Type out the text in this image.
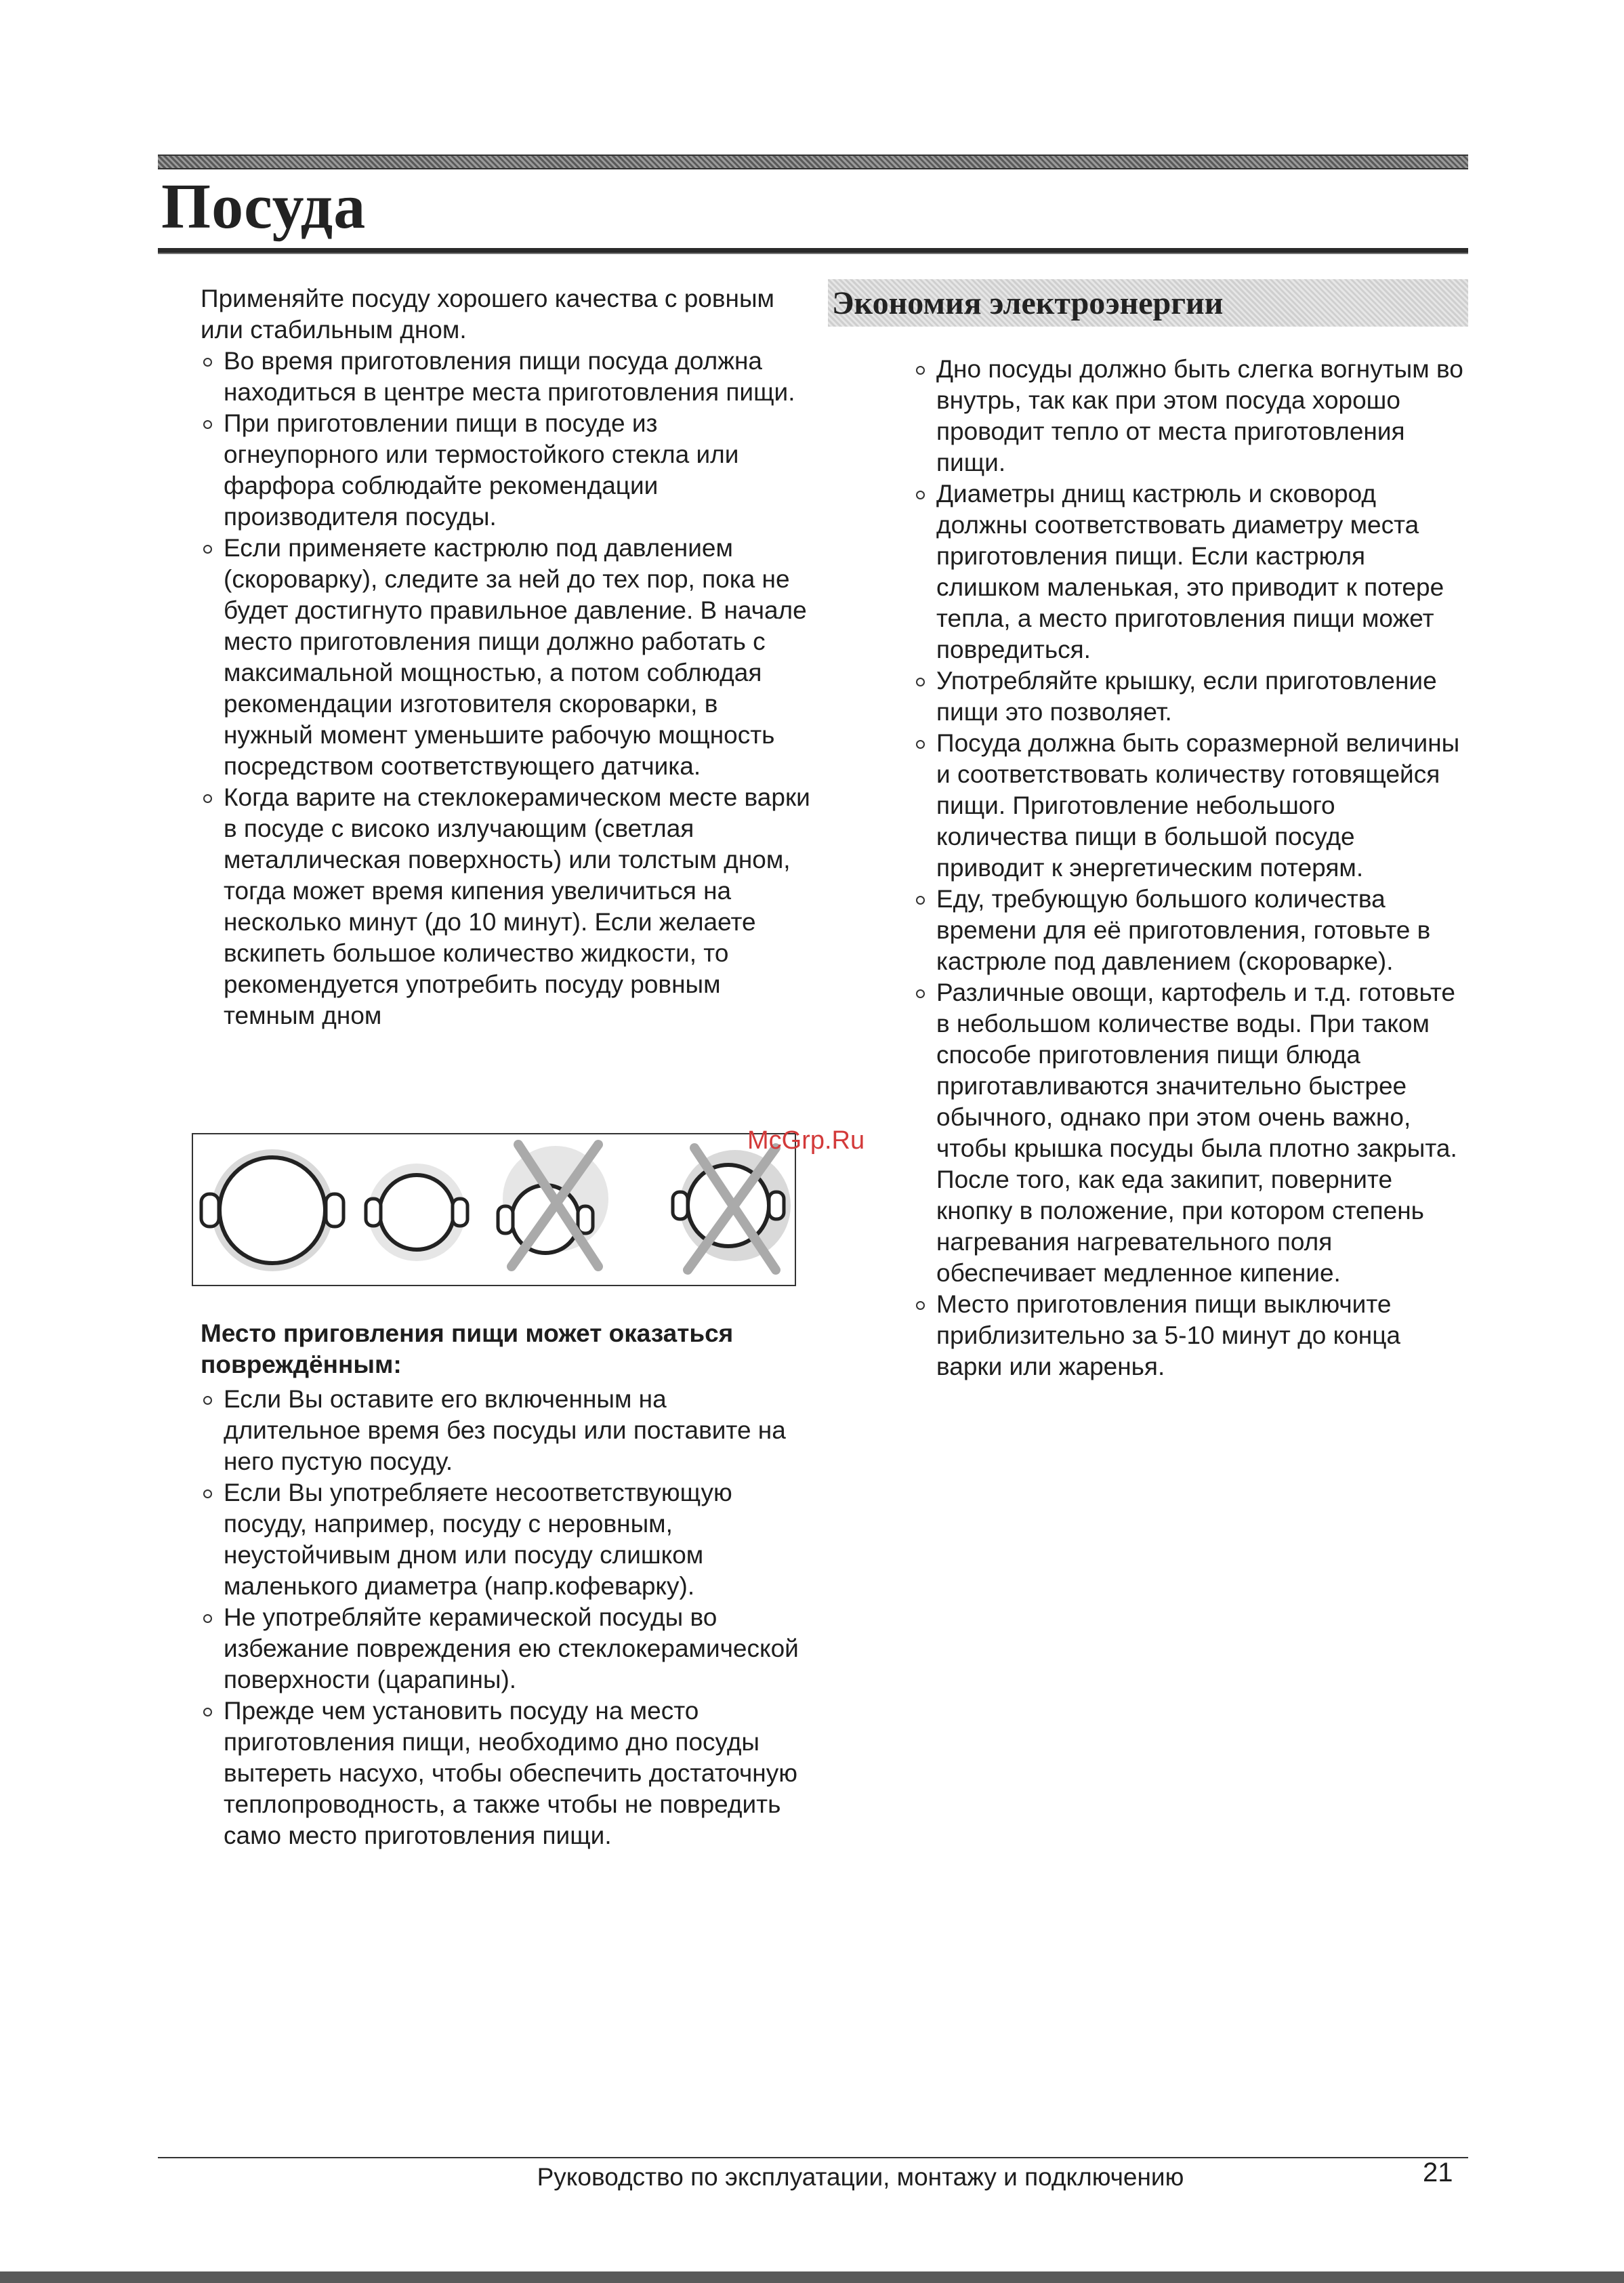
Посуда

Применяйте посуду хорошего качества с ровным или стабильным дном.

Во время приготовления пищи посуда должна находиться в центре места приготовления пищи.
При приготовлении пищи в посуде из огнеупорного или термостойкого стекла или фарфора соблюдайте рекомендации производителя посуды.
Если применяете кастрюлю под давлением (скороварку), следите за ней до тех пор, пока не будет достигнуто правильное давление. В начале место приготовления пищи должно работать с максимальной мощностью, а потом соблюдая рекомендации изготовителя скороварки, в нужный момент уменьшите рабочую мощность посредством соответствующего датчика.
Когда варите на стеклокерамическом месте варки в посуде с високо излучающим (светлая металлическая поверхность) или толстым дном, тогда может время кипения увеличиться на несколько минут (до 10 минут). Если желаете вскипеть большое количество жидкости, то рекомендуется употребить посуду ровным темным дном
McGrp.Ru
Место приговления пищи может оказаться повреждённым:
Если Вы оставите его включенным на длительное время без посуды или поставите на него пустую посуду.
Если Вы употребляете несоответствующую посуду, например, посуду с неровным, неустойчивым дном или посуду слишком маленького диаметра (напр.кофеварку).
Не употребляйте керамической посуды во избежание повреждения ею стеклокерамической поверхности (царапины).
Прежде чем установить посуду на место приготовления пищи, необходимо дно посуды вытереть насухо, чтобы обеспечить достаточную теплопроводность, а также чтобы не повредить само место приготовления пищи.
Экономия электроэнергии
Дно посуды должно быть слегка вогнутым во внутрь, так как при этом посуда хорошо проводит тепло от места приготовления пищи.
Диаметры днищ кастрюль и сковород должны соответствовать диаметру места приготовления пищи. Если кастрюля слишком маленькая, это приводит к потере тепла, а место приготовления пищи может повредиться.
Употребляйте крышку, если приготовление пищи это позволяет.
Посуда должна быть соразмерной величины и соответствовать количеству готовящейся пищи. Приготовление небольшого количества пищи в большой посуде приводит к энергетическим потерям.
Еду, требующую большого количества времени для её приготовления, готовьте в кастрюле под давлением (скороварке).
Различные овощи, картофель и т.д. готовьте в небольшом количестве воды. При таком способе приготовления пищи блюда приготавливаются значительно быстрее обычного, однако при этом очень важно, чтобы крышка посуды была плотно закрыта. После того, как еда закипит, поверните кнопку в положение, при котором степень нагревания нагревательного поля обеспечивает медленное кипение.
Место приготовления пищи выключите приблизительно за 5-10 минут до конца варки или жаренья.
Руководство по эксплуатации, монтажу и подключению	21
